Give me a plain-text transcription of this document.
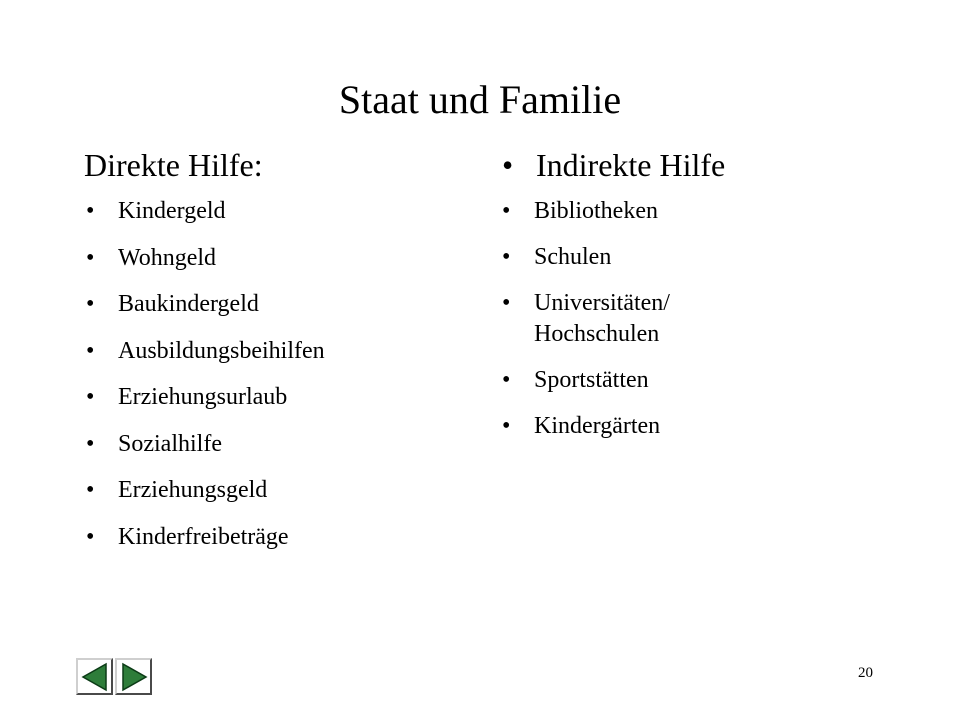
Staat und Familie
Direkte Hilfe:	• Indirekte Hilfe
• Kindergeld
• Wohngeld
• Baukindergeld
• Ausbildungsbeihilfen
• Erziehungsurlaub
• Sozialhilfe
• Erziehungsgeld
• Kinderfreibeträge
• Bibliotheken
• Schulen
• Universitäten/
Hochschulen
• Sportstätten
• Kindergärten
20
